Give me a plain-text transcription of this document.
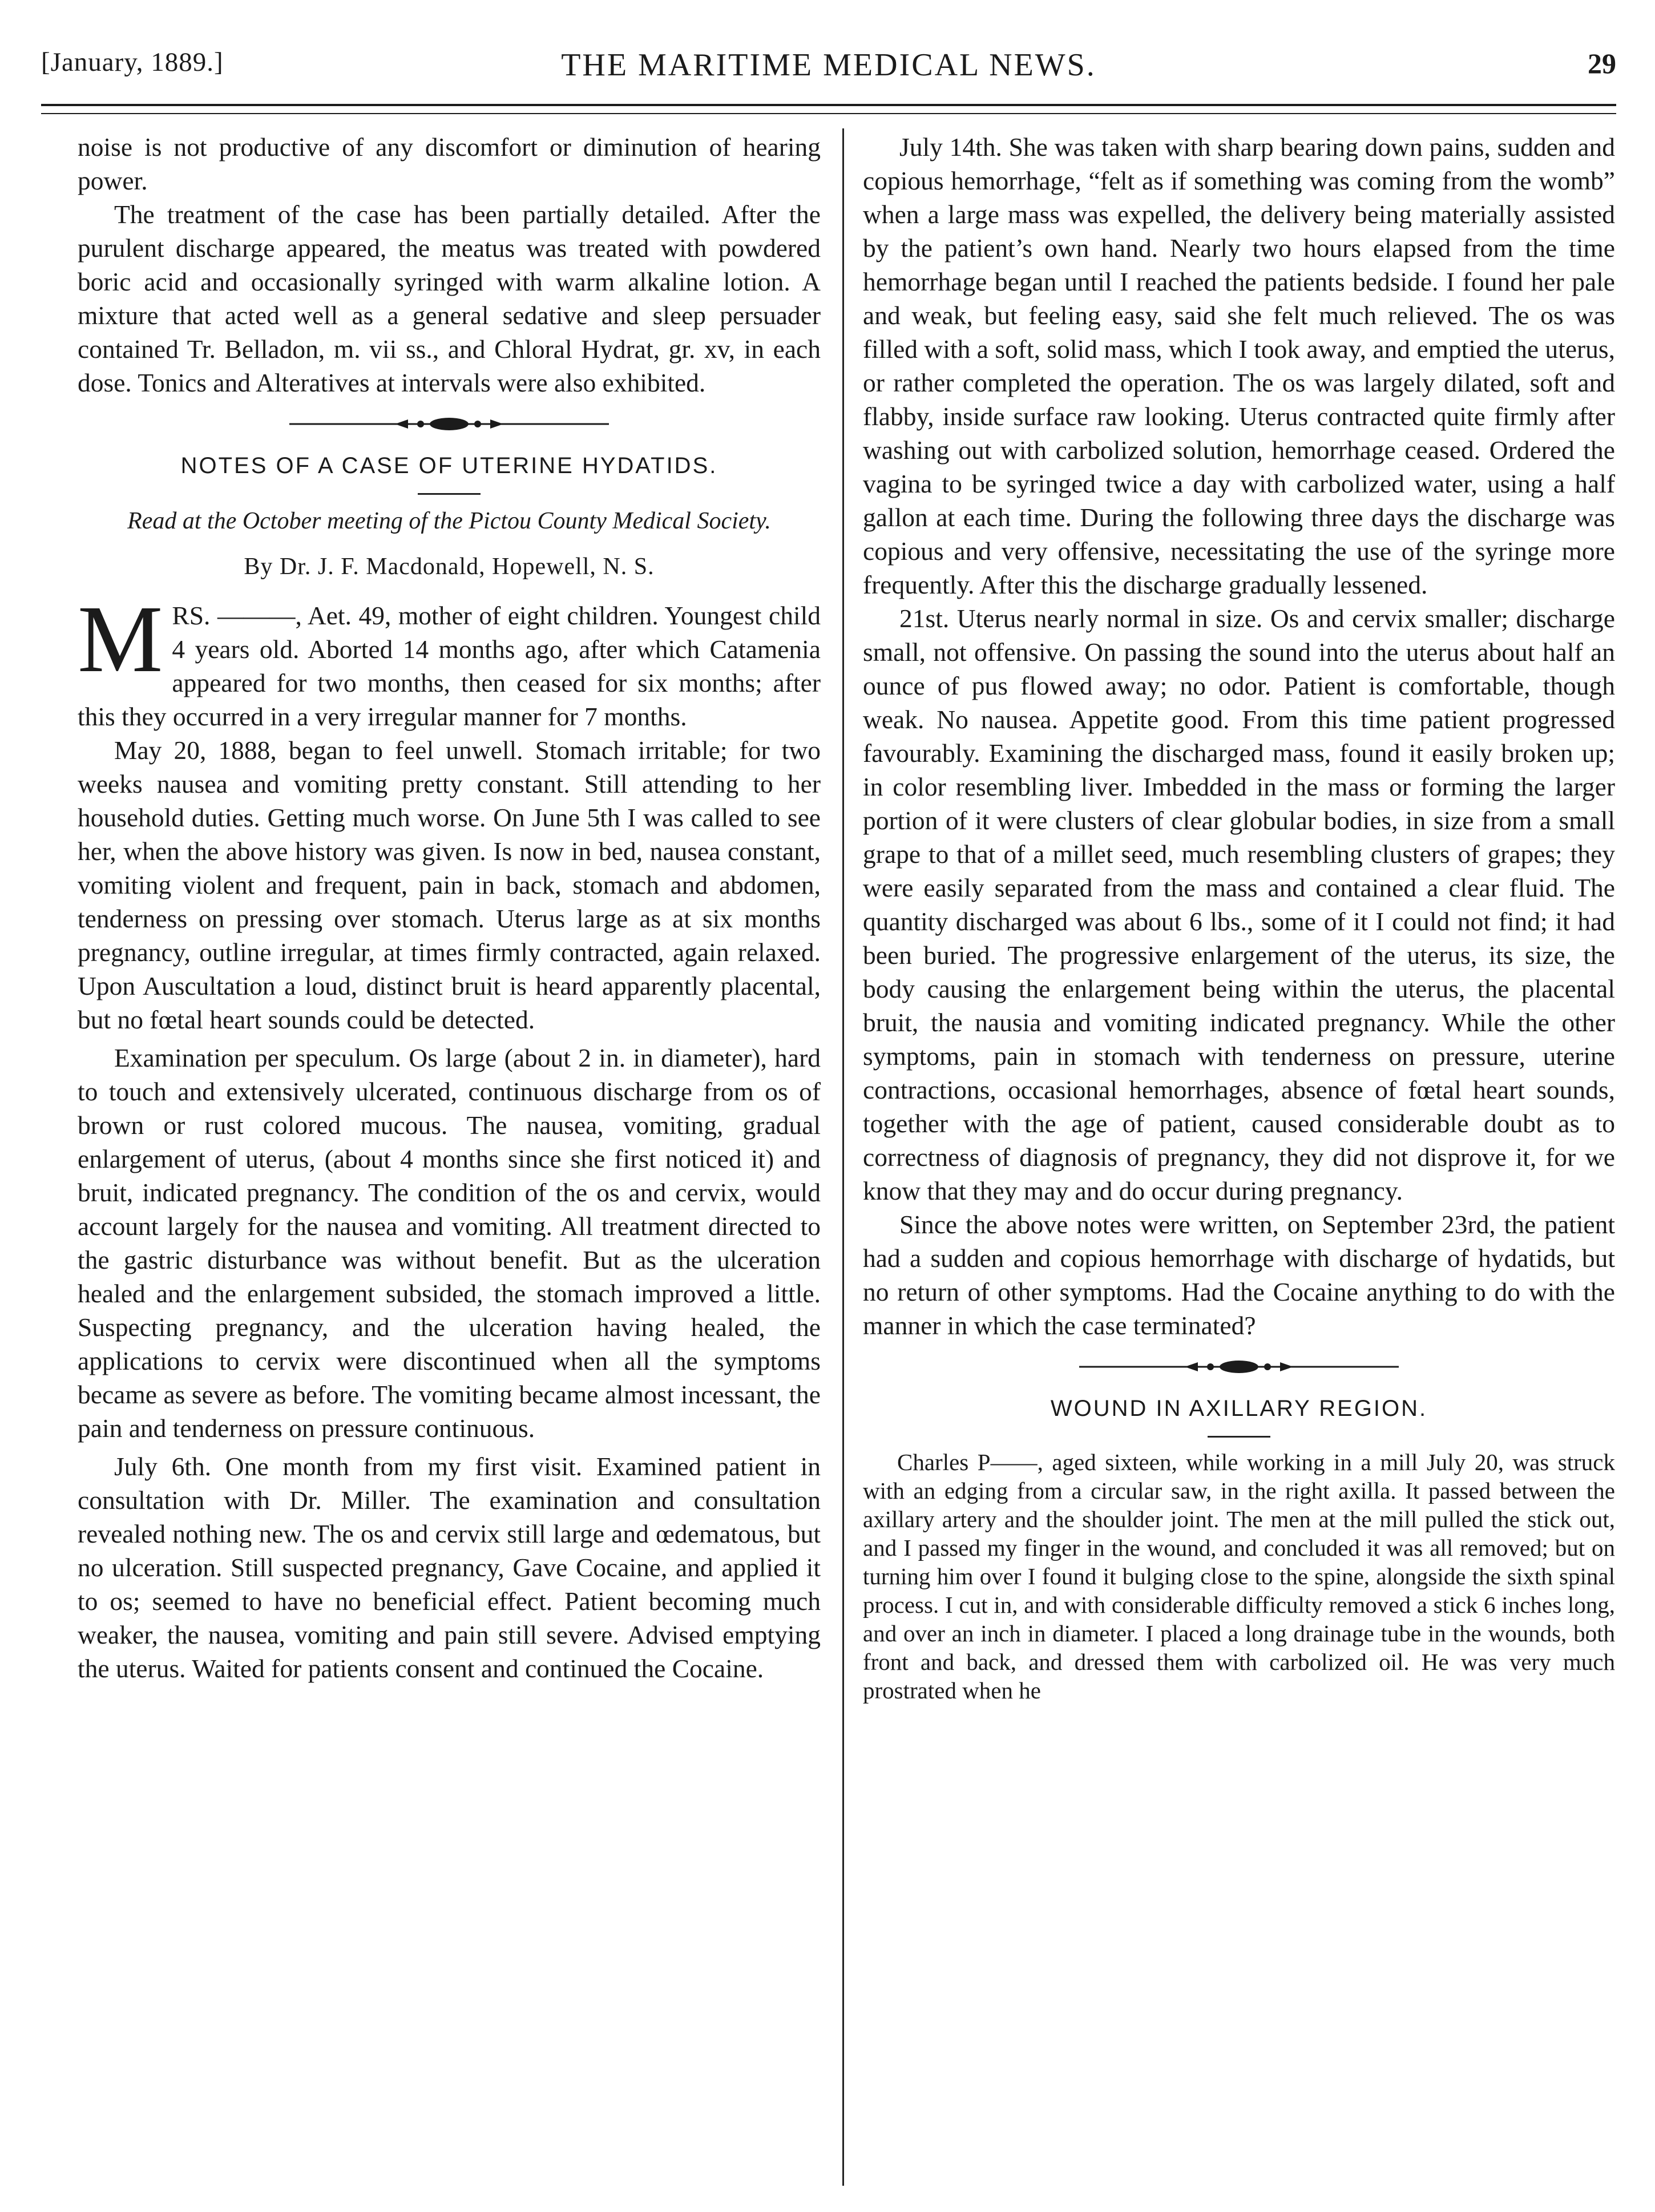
[January, 1889.]	THE MARITIME MEDICAL NEWS.	29

noise is not productive of any discomfort or diminution of hearing power.

The treatment of the case has been partially detailed. After the purulent discharge appeared, the meatus was treated with powdered boric acid and occasionally syringed with warm alkaline lotion. A mixture that acted well as a general sedative and sleep persuader contained Tr. Belladon, m. vii ss., and Chloral Hydrat, gr. xv, in each dose. Tonics and Alteratives at intervals were also exhibited.

NOTES OF A CASE OF UTERINE HYDATIDS.

Read at the October meeting of the Pictou County Medical Society.

By Dr. J. F. Macdonald, Hopewell, N. S.

M RS. ———, Aet. 49, mother of eight children. Youngest child 4 years old. Aborted 14 months ago, after which Catamenia appeared for two months, then ceased for six months; after this they occurred in a very irregular manner for 7 months.

May 20, 1888, began to feel unwell. Stomach irritable; for two weeks nausea and vomiting pretty constant. Still attending to her household duties. Getting much worse. On June 5th I was called to see her, when the above history was given. Is now in bed, nausea constant, vomiting violent and frequent, pain in back, stomach and abdomen, tenderness on pressing over stomach. Uterus large as at six months pregnancy, outline irregular, at times firmly contracted, again relaxed. Upon Auscultation a loud, distinct bruit is heard apparently placental, but no fœtal heart sounds could be detected.

Examination per speculum. Os large (about 2 in. in diameter), hard to touch and extensively ulcerated, continuous discharge from os of brown or rust colored mucous. The nausea, vomiting, gradual enlargement of uterus, (about 4 months since she first noticed it) and bruit, indicated pregnancy. The condition of the os and cervix, would account largely for the nausea and vomiting. All treatment directed to the gastric disturbance was without benefit. But as the ulceration healed and the enlargement subsided, the stomach improved a little. Suspecting pregnancy, and the ulceration having healed, the applications to cervix were discontinued when all the symptoms became as severe as before. The vomiting became almost incessant, the pain and tenderness on pressure continuous.

July 6th. One month from my first visit. Examined patient in consultation with Dr. Miller. The examination and consultation revealed nothing new. The os and cervix still large and œdematous, but no ulceration. Still suspected pregnancy, Gave Cocaine, and applied it to os; seemed to have no beneficial effect. Patient becoming much weaker, the nausea, vomiting and pain still severe. Advised emptying the uterus. Waited for patients consent and continued the Cocaine.

July 14th. She was taken with sharp bearing down pains, sudden and copious hemorrhage, “felt as if something was coming from the womb” when a large mass was expelled, the delivery being materially assisted by the patient’s own hand. Nearly two hours elapsed from the time hemorrhage began until I reached the patients bedside. I found her pale and weak, but feeling easy, said she felt much relieved. The os was filled with a soft, solid mass, which I took away, and emptied the uterus, or rather completed the operation. The os was largely dilated, soft and flabby, inside surface raw looking. Uterus contracted quite firmly after washing out with carbolized solution, hemorrhage ceased. Ordered the vagina to be syringed twice a day with carbolized water, using a half gallon at each time. During the following three days the discharge was copious and very offensive, necessitating the use of the syringe more frequently. After this the discharge gradually lessened.

21st. Uterus nearly normal in size. Os and cervix smaller; discharge small, not offensive. On passing the sound into the uterus about half an ounce of pus flowed away; no odor. Patient is comfortable, though weak. No nausea. Appetite good. From this time patient progressed favourably. Examining the discharged mass, found it easily broken up; in color resembling liver. Imbedded in the mass or forming the larger portion of it were clusters of clear globular bodies, in size from a small grape to that of a millet seed, much resembling clusters of grapes; they were easily separated from the mass and contained a clear fluid. The quantity discharged was about 6 lbs., some of it I could not find; it had been buried. The progressive enlargement of the uterus, its size, the body causing the enlargement being within the uterus, the placental bruit, the nausia and vomiting indicated pregnancy. While the other symptoms, pain in stomach with tenderness on pressure, uterine contractions, occasional hemorrhages, absence of fœtal heart sounds, together with the age of patient, caused considerable doubt as to correctness of diagnosis of pregnancy, they did not disprove it, for we know that they may and do occur during pregnancy.

Since the above notes were written, on September 23rd, the patient had a sudden and copious hemorrhage with discharge of hydatids, but no return of other symptoms. Had the Cocaine anything to do with the manner in which the case terminated?

WOUND IN AXILLARY REGION.

Charles P——, aged sixteen, while working in a mill July 20, was struck with an edging from a circular saw, in the right axilla. It passed between the axillary artery and the shoulder joint. The men at the mill pulled the stick out, and I passed my finger in the wound, and concluded it was all removed; but on turning him over I found it bulging close to the spine, alongside the sixth spinal process. I cut in, and with considerable difficulty removed a stick 6 inches long, and over an inch in diameter. I placed a long drainage tube in the wounds, both front and back, and dressed them with carbolized oil. He was very much prostrated when he
